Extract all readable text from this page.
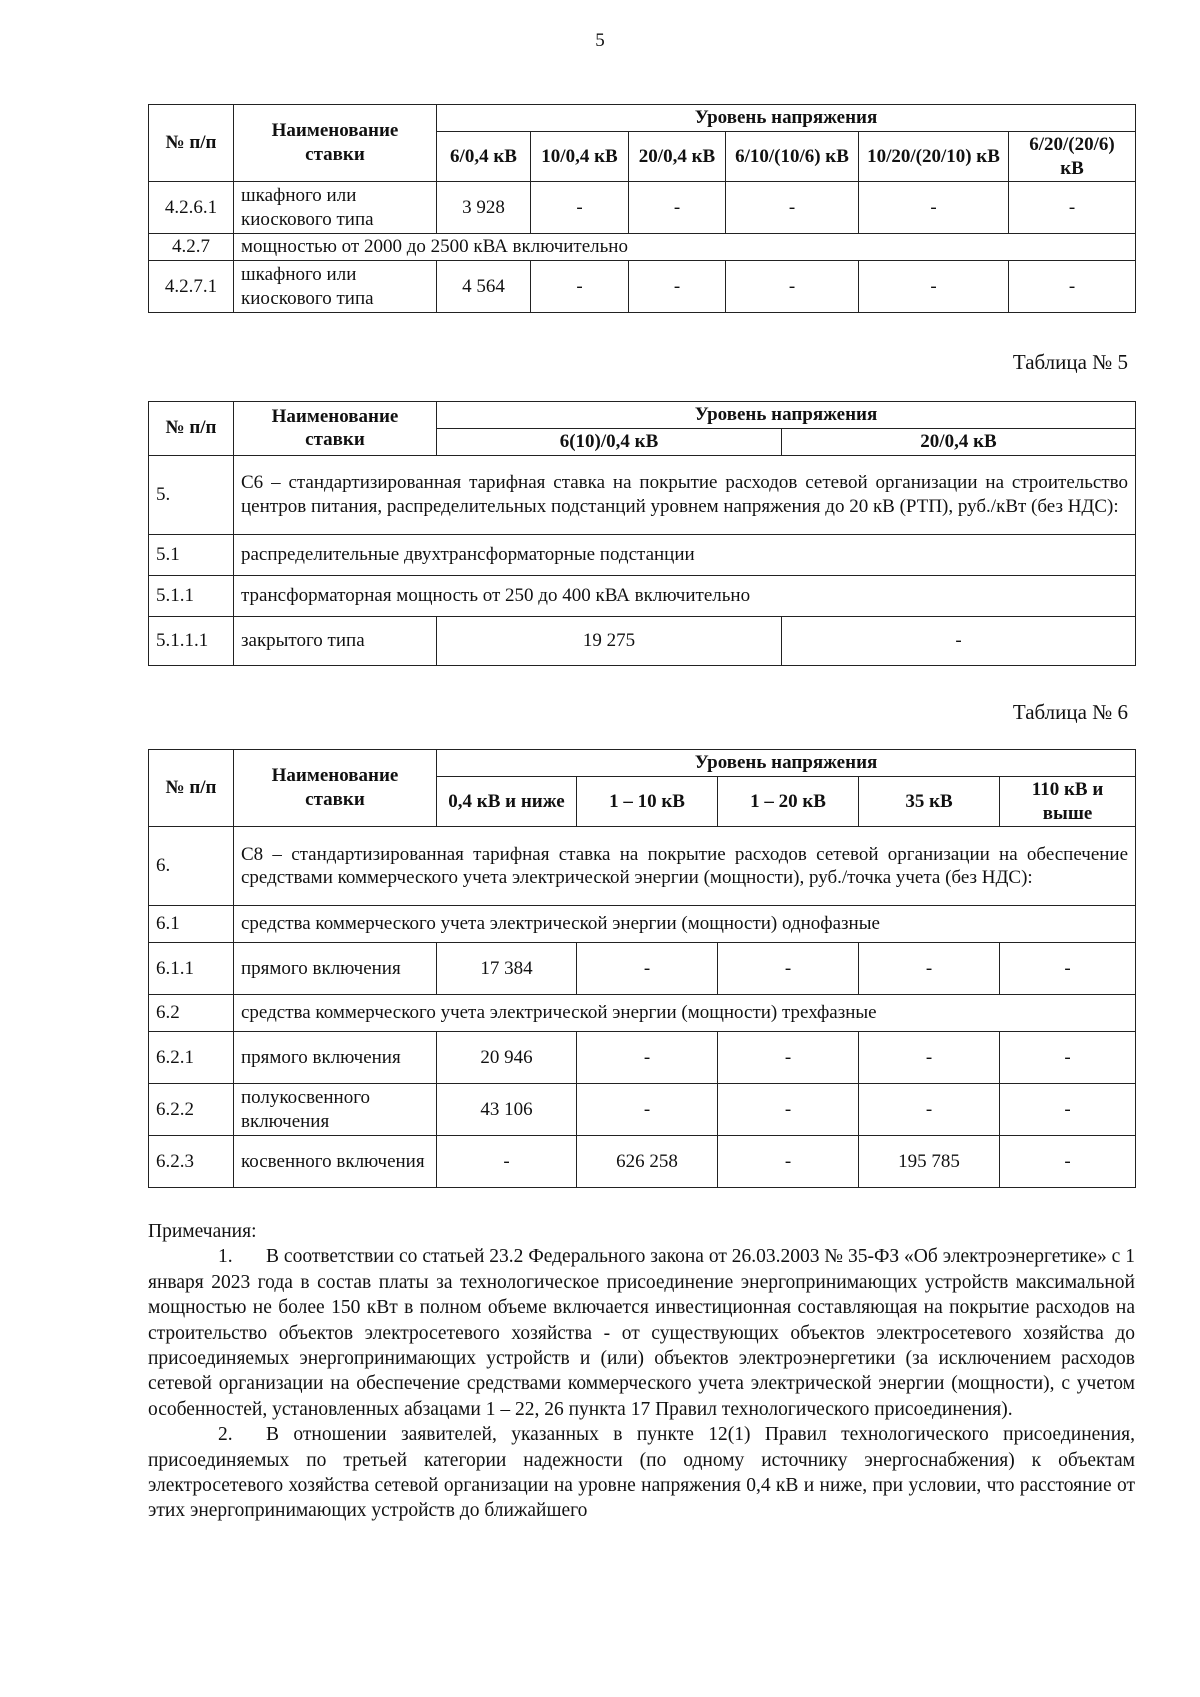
5
№ п/п	Наименование ставки	Уровень напряжения					
		6/0,4 кВ	10/0,4 кВ	20/0,4 кВ	6/10/(10/6) кВ	10/20/(20/10) кВ	6/20/(20/6) кВ
4.2.6.1	шкафного или киоскового типа	3 928	-	-	-	-	-
4.2.7	мощностью от 2000 до 2500 кВА включительно						
4.2.7.1	шкафного или киоскового типа	4 564	-	-	-	-	-
Таблица № 5
№ п/п	Наименование ставки	Уровень напряжения	
		6(10)/0,4 кВ	20/0,4 кВ
5.	С6 – стандартизированная тарифная ставка на покрытие расходов сетевой организации на строительство центров питания, распределительных подстанций уровнем напряжения до 20 кВ (РТП), руб./кВт (без НДС):		
5.1	распределительные двухтрансформаторные подстанции		
5.1.1	трансформаторная мощность от 250 до 400 кВА включительно		
5.1.1.1	закрытого типа	19 275	-
Таблица № 6
№ п/п	Наименование ставки	Уровень напряжения				
		0,4 кВ и ниже	1 – 10 кВ	1 – 20 кВ	35 кВ	110 кВ и выше
6.	С8 – стандартизированная тарифная ставка на покрытие расходов сетевой организации на обеспечение средствами коммерческого учета электрической энергии (мощности), руб./точка учета (без НДС):					
6.1	средства коммерческого учета электрической энергии (мощности) однофазные					
6.1.1	прямого включения	17 384	-	-	-	-
6.2	средства коммерческого учета электрической энергии (мощности) трехфазные					
6.2.1	прямого включения	20 946	-	-	-	-
6.2.2	полукосвенного включения	43 106	-	-	-	-
6.2.3	косвенного включения	-	626 258	-	195 785	-

Примечания:

1. В соответствии со статьей 23.2 Федерального закона от 26.03.2003 № 35-ФЗ «Об электроэнергетике» с 1 января 2023 года в состав платы за технологическое присоединение энергопринимающих устройств максимальной мощностью не более 150 кВт в полном объеме включается инвестиционная составляющая на покрытие расходов на строительство объектов электросетевого хозяйства - от существующих объектов электросетевого хозяйства до присоединяемых энергопринимающих устройств и (или) объектов электроэнергетики (за исключением расходов сетевой организации на обеспечение средствами коммерческого учета электрической энергии (мощности), с учетом особенностей, установленных абзацами 1 – 22, 26 пункта 17 Правил технологического присоединения).

2. В отношении заявителей, указанных в пункте 12(1) Правил технологического присоединения, присоединяемых по третьей категории надежности (по одному источнику энергоснабжения) к объектам электросетевого хозяйства сетевой организации на уровне напряжения 0,4 кВ и ниже, при условии, что расстояние от этих энергопринимающих устройств до ближайшего
